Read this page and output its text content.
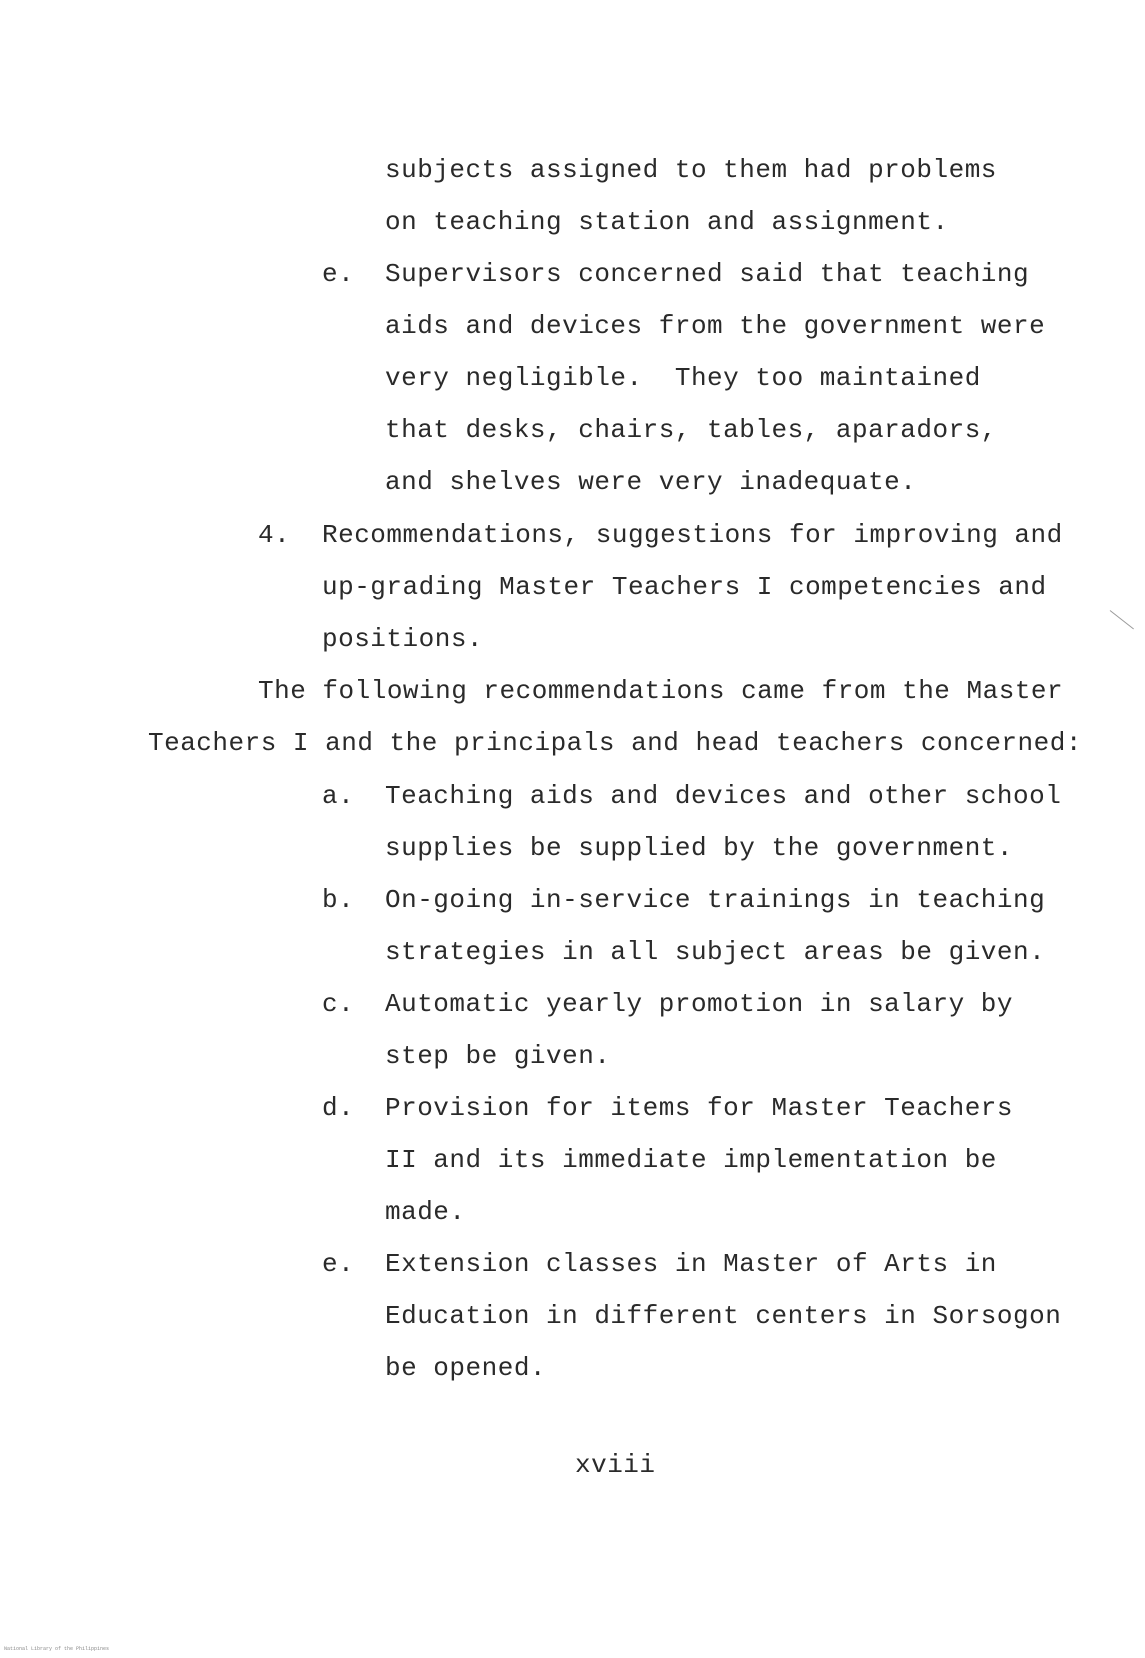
subjects assigned to them had problems
on teaching station and assignment.
e. Supervisors concerned said that teaching
aids and devices from the government were
very negligible.  They too maintained
that desks, chairs, tables, aparadors,
and shelves were very inadequate.
4. Recommendations, suggestions for improving and
up-grading Master Teachers I competencies and
positions.
The following recommendations came from the Master
Teachers I and the principals and head teachers concerned:
a. Teaching aids and devices and other school
supplies be supplied by the government.
b. On-going in-service trainings in teaching
strategies in all subject areas be given.
c. Automatic yearly promotion in salary by
step be given.
d. Provision for items for Master Teachers
II and its immediate implementation be
made.
e. Extension classes in Master of Arts in
Education in different centers in Sorsogon
be opened.
xviii
National Library of the Philippines
